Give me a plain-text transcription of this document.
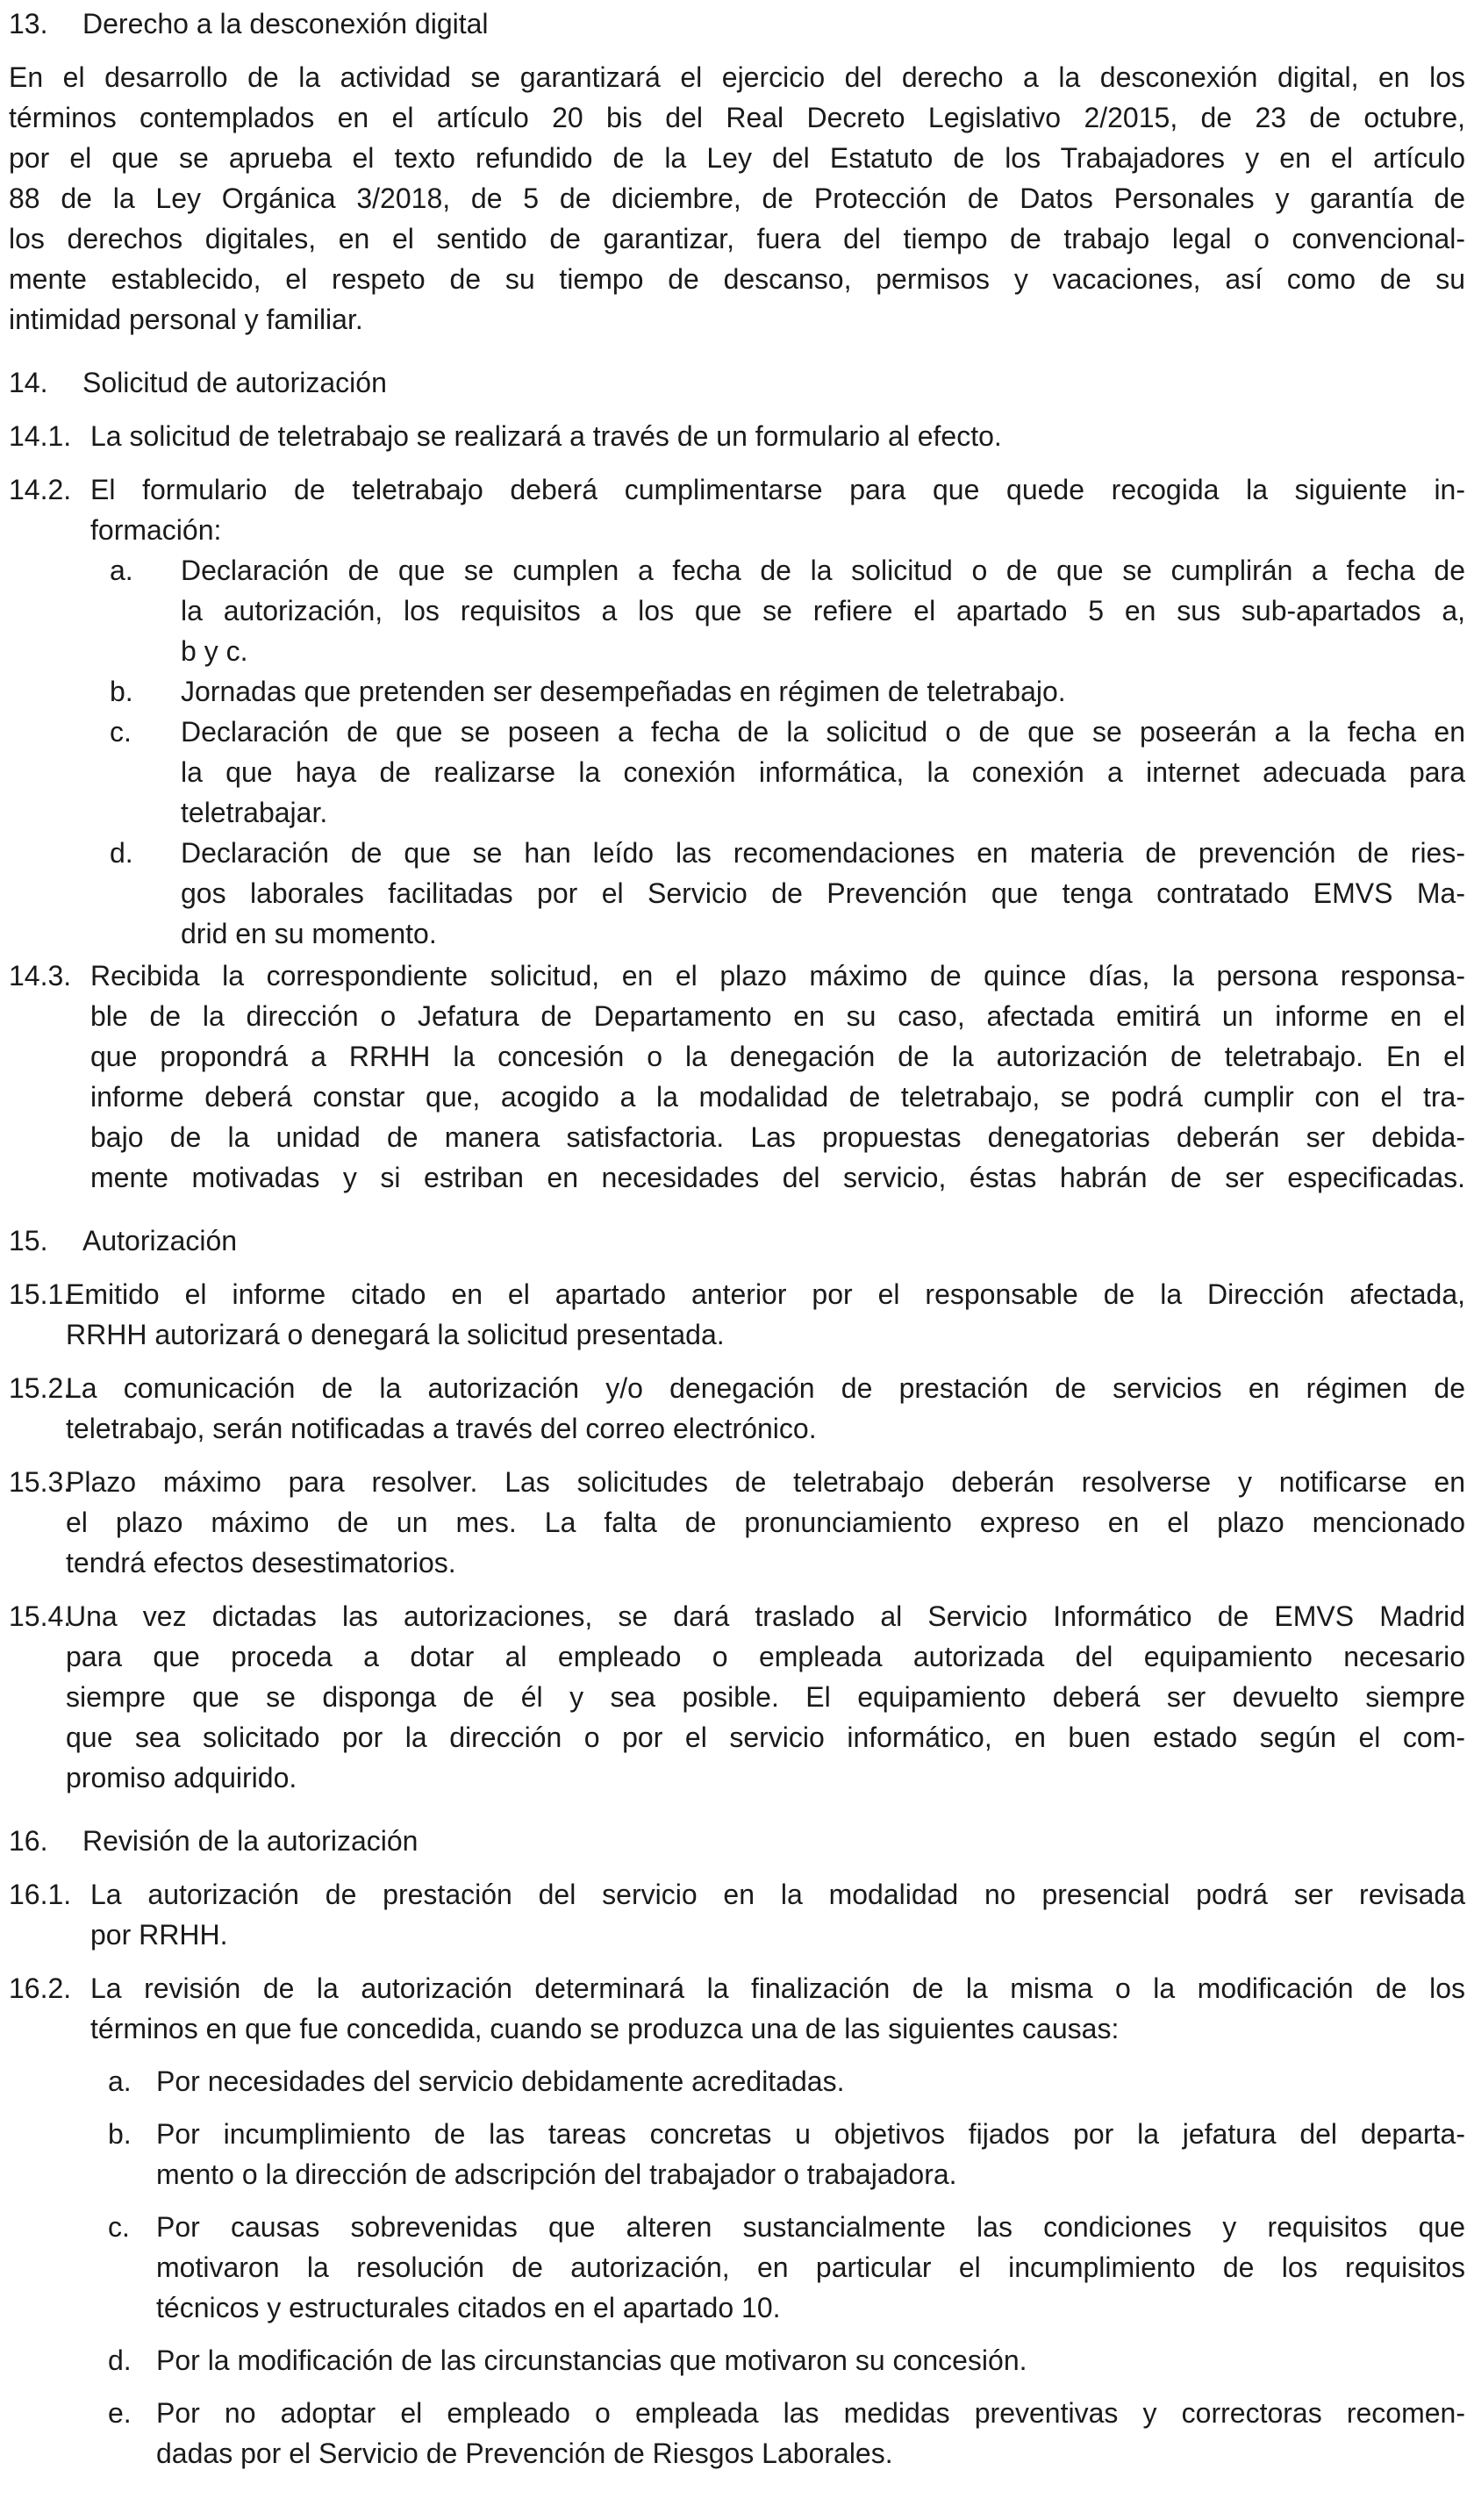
13. Derecho a la desconexión digital
En el desarrollo de la actividad se garantizará el ejercicio del derecho a la desconexión digital, en los
términos contemplados en el artículo 20 bis del Real Decreto Legislativo 2/2015, de 23 de octubre,
por el que se aprueba el texto refundido de la Ley del Estatuto de los Trabajadores y en el artículo
88 de la Ley Orgánica 3/2018, de 5 de diciembre, de Protección de Datos Personales y garantía de
los derechos digitales, en el sentido de garantizar, fuera del tiempo de trabajo legal o convencional-
mente establecido, el respeto de su tiempo de descanso, permisos y vacaciones, así como de su
intimidad personal y familiar.
14. Solicitud de autorización
14.1. La solicitud de teletrabajo se realizará a través de un formulario al efecto.
14.2. El formulario de teletrabajo deberá cumplimentarse para que quede recogida la siguiente in-
formación:
a. Declaración de que se cumplen a fecha de la solicitud o de que se cumplirán a fecha de
la autorización, los requisitos a los que se refiere el apartado 5 en sus sub-apartados a,
b y c.
b. Jornadas que pretenden ser desempeñadas en régimen de teletrabajo.
c. Declaración de que se poseen a fecha de la solicitud o de que se poseerán a la fecha en
la que haya de realizarse la conexión informática, la conexión a internet adecuada para
teletrabajar.
d. Declaración de que se han leído las recomendaciones en materia de prevención de ries-
gos laborales facilitadas por el Servicio de Prevención que tenga contratado EMVS Ma-
drid en su momento.
14.3. Recibida la correspondiente solicitud, en el plazo máximo de quince días, la persona responsa-
ble de la dirección o Jefatura de Departamento en su caso, afectada emitirá un informe en el
que propondrá a RRHH la concesión o la denegación de la autorización de teletrabajo. En el
informe deberá constar que, acogido a la modalidad de teletrabajo, se podrá cumplir con el tra-
bajo de la unidad de manera satisfactoria. Las propuestas denegatorias deberán ser debida-
mente motivadas y si estriban en necesidades del servicio, éstas habrán de ser especificadas.
15. Autorización
15.1.
Emitido el informe citado en el apartado anterior por el responsable de la Dirección afectada,
RRHH autorizará o denegará la solicitud presentada.
15.2.
La comunicación de la autorización y/o denegación de prestación de servicios en régimen de
teletrabajo, serán notificadas a través del correo electrónico.
15.3.
Plazo máximo para resolver. Las solicitudes de teletrabajo deberán resolverse y notificarse en
el plazo máximo de un mes. La falta de pronunciamiento expreso en el plazo mencionado
tendrá efectos desestimatorios.
15.4.
Una vez dictadas las autorizaciones, se dará traslado al Servicio Informático de EMVS Madrid
para que proceda a dotar al empleado o empleada autorizada del equipamiento necesario
siempre que se disponga de él y sea posible. El equipamiento deberá ser devuelto siempre
que sea solicitado por la dirección o por el servicio informático, en buen estado según el com-
promiso adquirido.
16. Revisión de la autorización
16.1. La autorización de prestación del servicio en la modalidad no presencial podrá ser revisada
por RRHH.
16.2. La revisión de la autorización determinará la finalización de la misma o la modificación de los
términos en que fue concedida, cuando se produzca una de las siguientes causas:
a. Por necesidades del servicio debidamente acreditadas.
b. Por incumplimiento de las tareas concretas u objetivos fijados por la jefatura del departa-
mento o la dirección de adscripción del trabajador o trabajadora.
c. Por causas sobrevenidas que alteren sustancialmente las condiciones y requisitos que
motivaron la resolución de autorización, en particular el incumplimiento de los requisitos
técnicos y estructurales citados en el apartado 10.
d. Por la modificación de las circunstancias que motivaron su concesión.
e. Por no adoptar el empleado o empleada las medidas preventivas y correctoras recomen-
dadas por el Servicio de Prevención de Riesgos Laborales.
